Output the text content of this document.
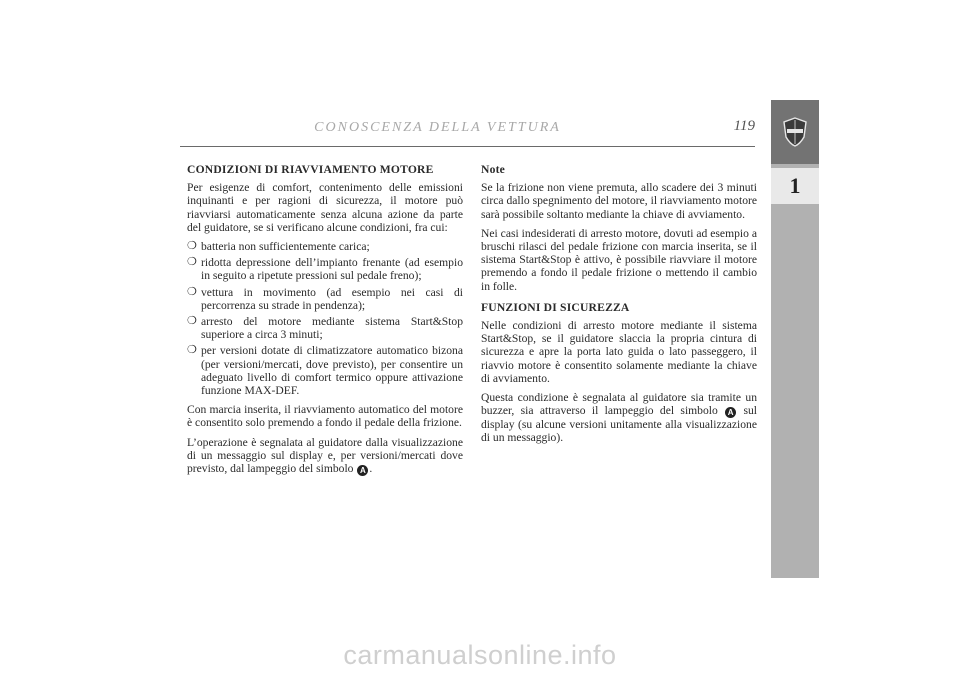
CONOSCENZA DELLA VETTURA	119
1
CONDIZIONI DI RIAVVIAMENTO MOTORE

Per esigenze di comfort, contenimento delle emissioni inquinanti e per ragioni di sicurezza, il motore può riavviarsi automaticamente senza alcuna azione da parte del guidatore, se si verificano alcune condizioni, fra cui:

❍ batteria non sufficientemente carica;
❍ ridotta depressione dell’impianto frenante (ad esempio in seguito a ripetute pressioni sul pedale freno);
❍ vettura in movimento (ad esempio nei casi di percorrenza su strade in pendenza);
❍ arresto del motore mediante sistema Start&Stop superiore a circa 3 minuti;
❍ per versioni dotate di climatizzatore automatico bizona (per versioni/mercati, dove previsto), per consentire un adeguato livello di comfort termico oppure attivazione funzione MAX-DEF.

Con marcia inserita, il riavviamento automatico del motore è consentito solo premendo a fondo il pedale della frizione.

L’operazione è segnalata al guidatore dalla visualizzazione di un messaggio sul display e, per versioni/mercati dove previsto, dal lampeggio del simbolo A .

Note

Se la frizione non viene premuta, allo scadere dei 3 minuti circa dallo spegnimento del motore, il riavviamento motore sarà possibile soltanto mediante la chiave di avviamento.

Nei casi indesiderati di arresto motore, dovuti ad esempio a bruschi rilasci del pedale frizione con marcia inserita, se il sistema Start&Stop è attivo, è possibile riavviare il motore premendo a fondo il pedale frizione o mettendo il cambio in folle.

FUNZIONI DI SICUREZZA

Nelle condizioni di arresto motore mediante il sistema Start&Stop, se il guidatore slaccia la propria cintura di sicurezza e apre la porta lato guida o lato passeggero, il riavvio motore è consentito solamente mediante la chiave di avviamento.

Questa condizione è segnalata al guidatore sia tramite un buzzer, sia attraverso il lampeggio del simbolo A sul display (su alcune versioni unitamente alla visualizzazione di un messaggio).

carmanualsonline.info
